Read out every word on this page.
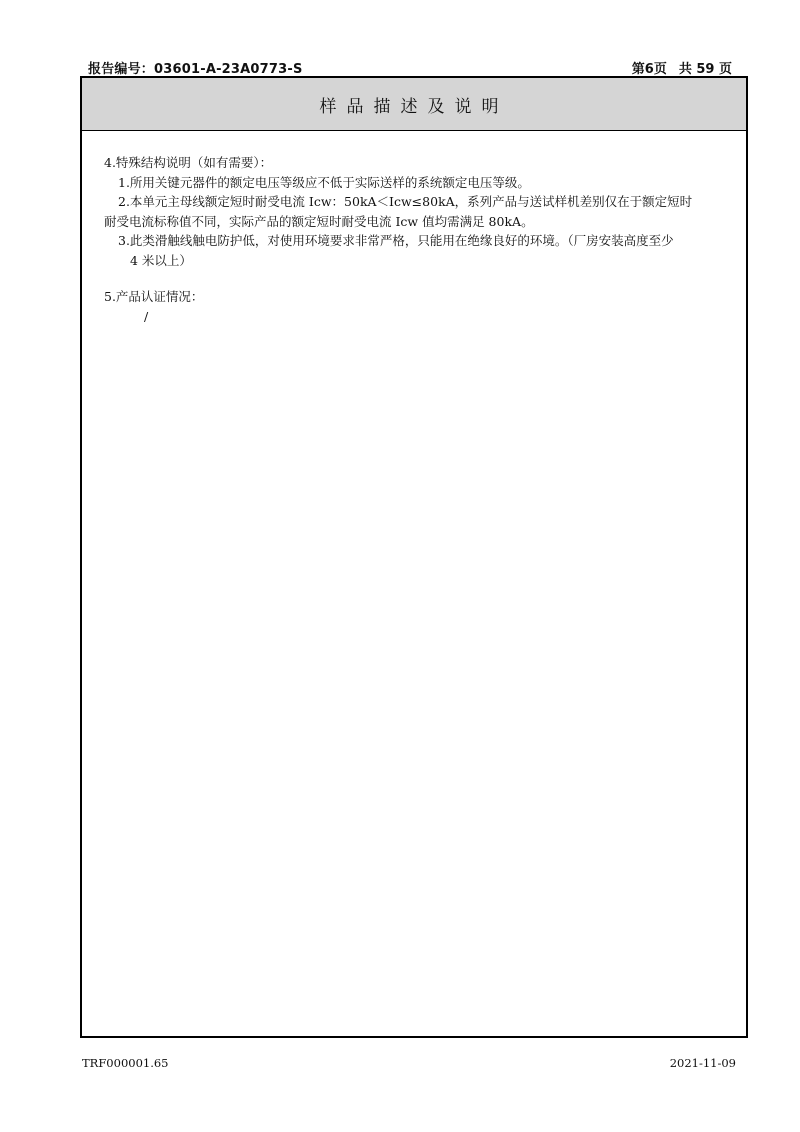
报告编号：03601-A-23A0773-S	第6页 共 59 页
样品描述及说明

4.特殊结构说明（如有需要）：

1.所用关键元器件的额定电压等级应不低于实际送样的系统额定电压等级。

2.本单元主母线额定短时耐受电流 Icw：50kA＜Icw≤80kA，系列产品与送试样机差别仅在于额定短时

耐受电流标称值不同，实际产品的额定短时耐受电流 Icw 值均需满足 80kA。

3.此类滑触线触电防护低，对使用环境要求非常严格，只能用在绝缘良好的环境。（厂房安装高度至少

4 米以上）

5.产品认证情况：

/

TRF000001.65	2021-11-09
